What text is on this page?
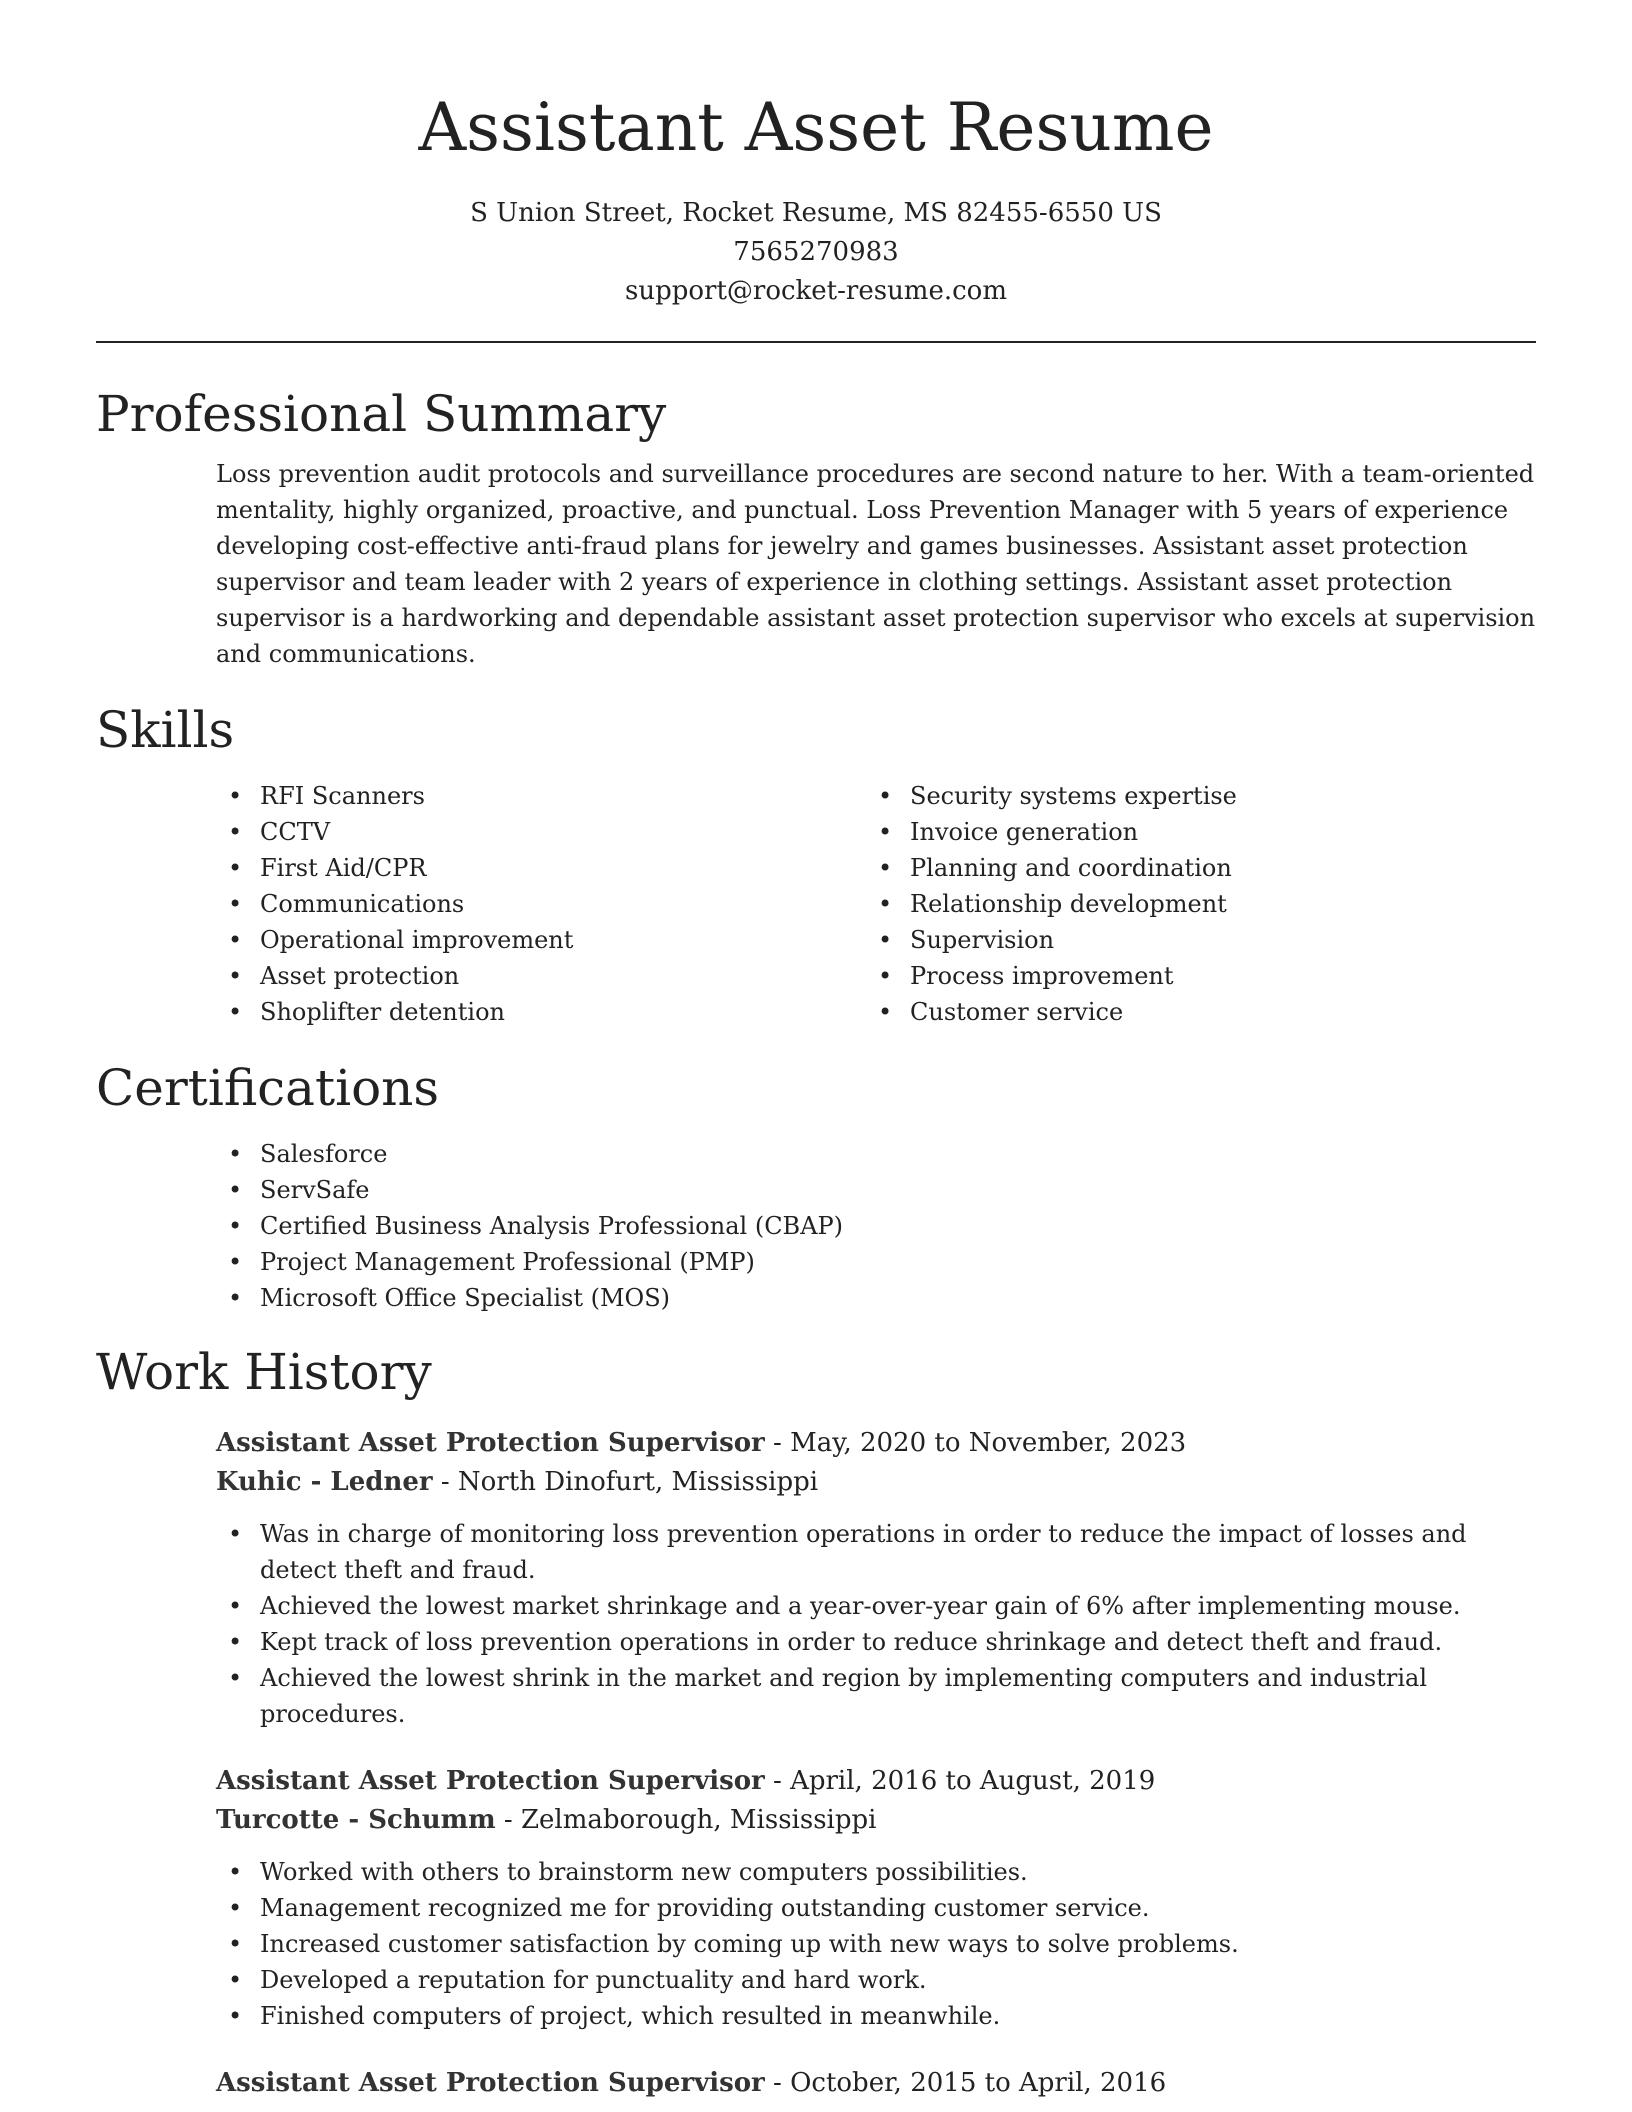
Assistant Asset Resume
S Union Street, Rocket Resume, MS 82455-6550 US
7565270983
support@rocket-resume.com
Professional Summary

Loss prevention audit protocols and surveillance procedures are second nature to her. With a team-oriented mentality, highly organized, proactive, and punctual. Loss Prevention Manager with 5 years of experience developing cost-effective anti-fraud plans for jewelry and games businesses. Assistant asset protection supervisor and team leader with 2 years of experience in clothing settings. Assistant asset protection supervisor is a hardworking and dependable assistant asset protection supervisor who excels at supervision and communications.

Skills
• RFI Scanners
• CCTV
• First Aid/CPR
• Communications
• Operational improvement
• Asset protection
• Shoplifter detention
• Security systems expertise
• Invoice generation
• Planning and coordination
• Relationship development
• Supervision
• Process improvement
• Customer service
Certifications
• Salesforce
• ServSafe
• Certified Business Analysis Professional (CBAP)
• Project Management Professional (PMP)
• Microsoft Office Specialist (MOS)
Work History
Assistant Asset Protection Supervisor - May, 2020 to November, 2023
Kuhic - Ledner - North Dinofurt, Mississippi
• Was in charge of monitoring loss prevention operations in order to reduce the impact of losses and detect theft and fraud.
• Achieved the lowest market shrinkage and a year-over-year gain of 6% after implementing mouse.
• Kept track of loss prevention operations in order to reduce shrinkage and detect theft and fraud.
• Achieved the lowest shrink in the market and region by implementing computers and industrial procedures.
Assistant Asset Protection Supervisor - April, 2016 to August, 2019
Turcotte - Schumm - Zelmaborough, Mississippi
• Worked with others to brainstorm new computers possibilities.
• Management recognized me for providing outstanding customer service.
• Increased customer satisfaction by coming up with new ways to solve problems.
• Developed a reputation for punctuality and hard work.
• Finished computers of project, which resulted in meanwhile.
Assistant Asset Protection Supervisor - October, 2015 to April, 2016
